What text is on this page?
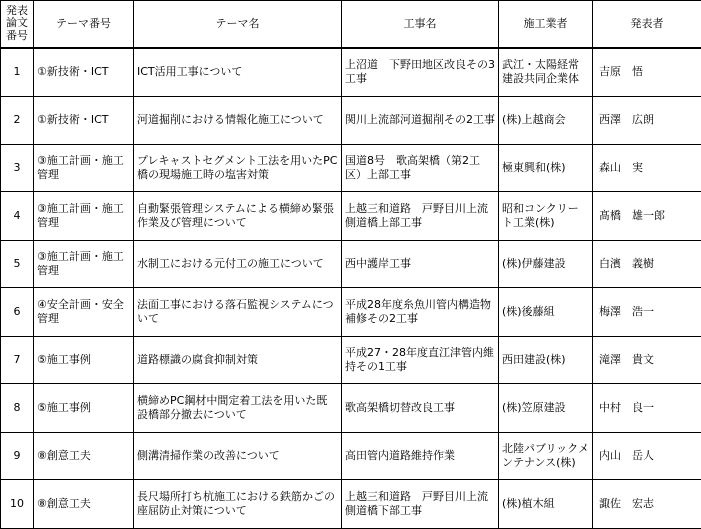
発表
論文
番号	テーマ番号	テーマ名	工事名	施工業者	発表者
1	①新技術・ICT	ICT活用工事について	上沼道　下野田地区改良その3工事	武江・太陽経常建設共同企業体	吉原　悟
2	①新技術・ICT	河道掘削における情報化施工について	関川上流部河道掘削その2工事	(株)上越商会	西澤　広朗
3	③施工計画・施工管理	プレキャストセグメント工法を用いたPC橋の現場施工時の塩害対策	国道8号　歌高架橋（第2工区）上部工事	極東興和(株)	森山　実
4	③施工計画・施工管理	自動緊張管理システムによる横締め緊張作業及び管理について	上越三和道路　戸野目川上流側道橋上部工事	昭和コンクリート工業(株)	髙橋　雄一郎
5	③施工計画・施工管理	水制工における元付工の施工について	西中護岸工事	(株)伊藤建設	白濱　義樹
6	④安全計画・安全管理	法面工事における落石監視システムについて	平成28年度糸魚川管内構造物補修その2工事	(株)後藤組	梅澤　浩一
7	⑤施工事例	道路標識の腐食抑制対策	平成27・28年度直江津管内維持その1工事	西田建設(株)	滝澤　貴文
8	⑤施工事例	横締めPC鋼材中間定着工法を用いた既設橋部分撤去について	歌高架橋切替改良工事	(株)笠原建設	中村　良一
9	⑧創意工夫	側溝清掃作業の改善について	高田管内道路維持作業	北陸パブリックメンテナンス(株)	内山　岳人
10	⑧創意工夫	長尺場所打ち杭施工における鉄筋かごの座屈防止対策について	上越三和道路　戸野目川上流側道橋下部工事	(株)植木組	諏佐　宏志
